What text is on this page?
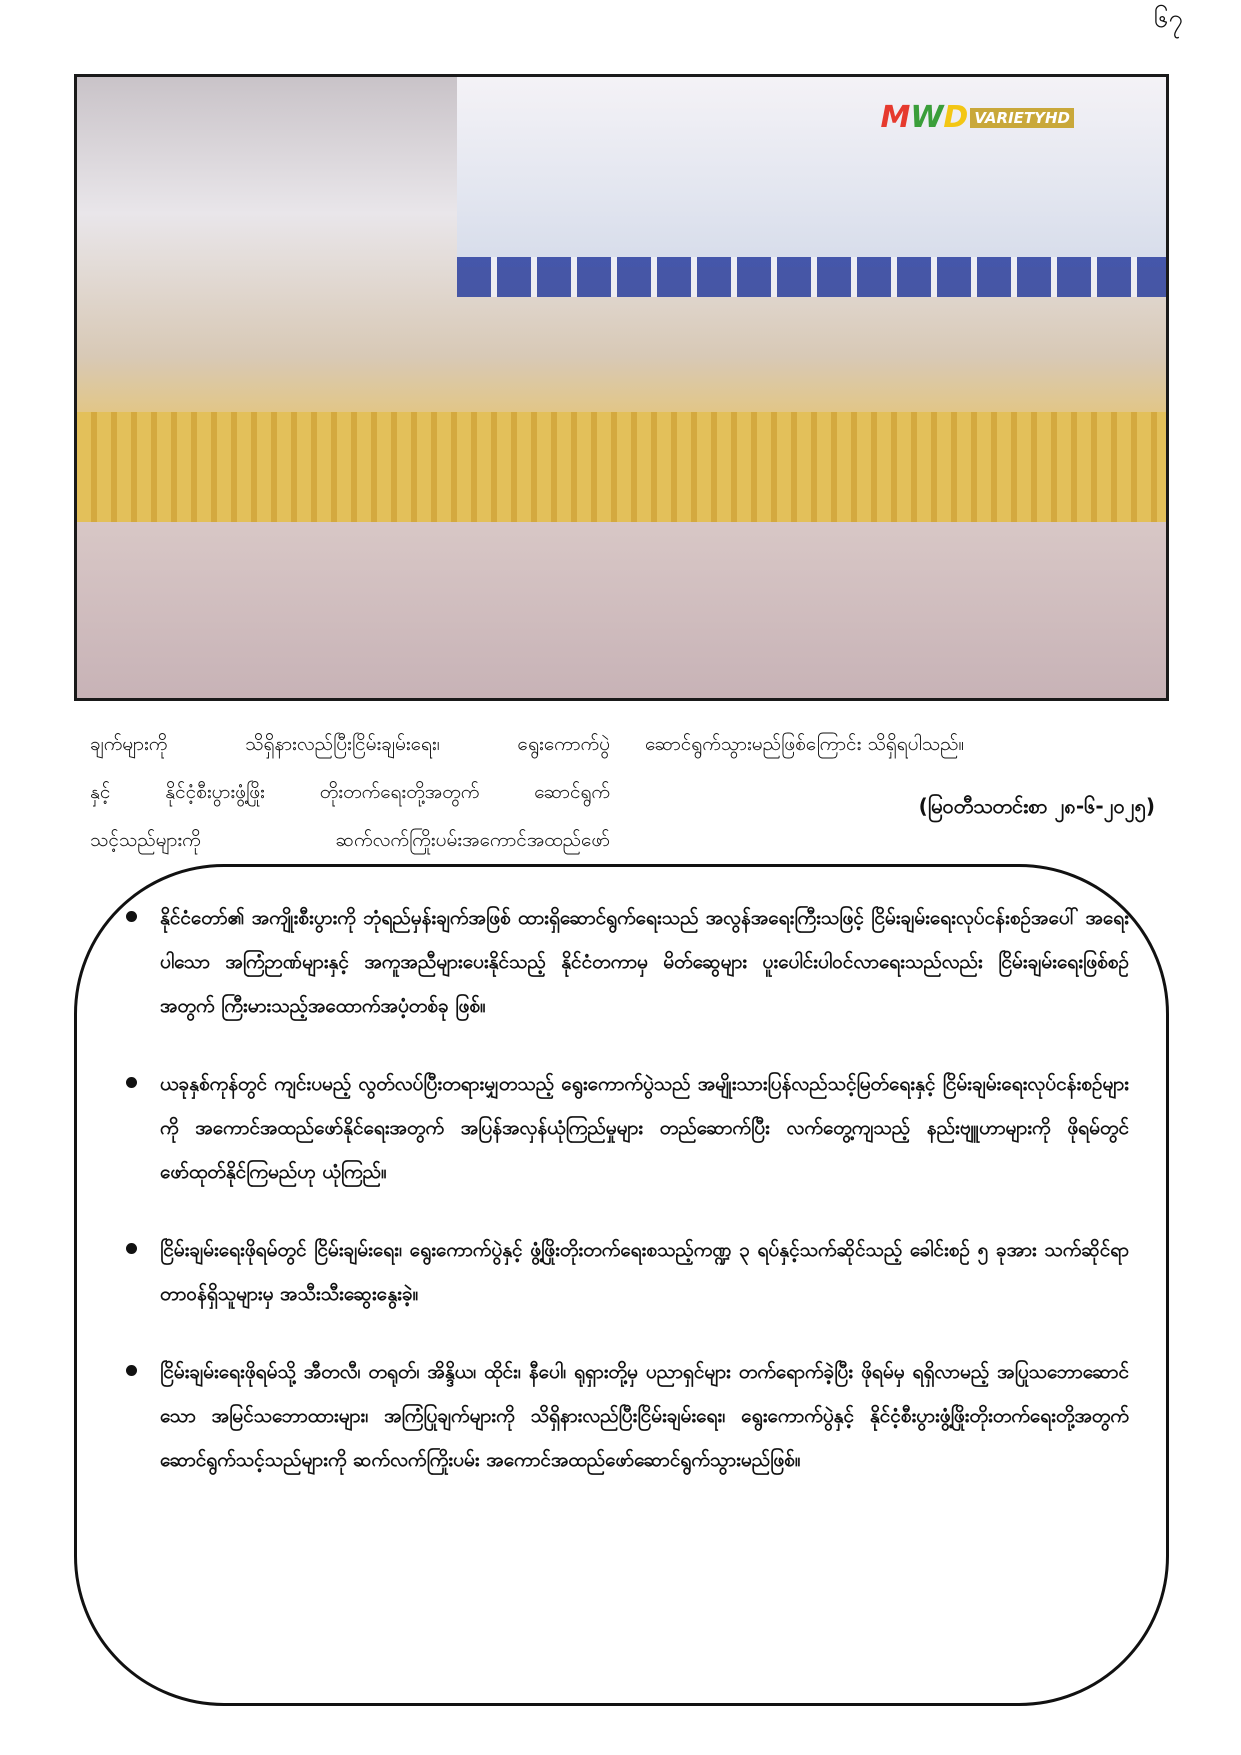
၆၇
MWD VARIETYHD

ချက်များကို သိရှိနားလည်ပြီးငြိမ်းချမ်းရေး၊ ရွေးကောက်ပွဲ

နှင့် နိုင်ငံ့စီးပွားဖွံ့ဖြိုး တိုးတက်ရေးတို့အတွက် ဆောင်ရွက်

သင့်သည်များကို ဆက်လက်ကြိုးပမ်းအကောင်အထည်ဖော်

ဆောင်ရွက်သွားမည်ဖြစ်ကြောင်း သိရှိရပါသည်။

(မြဝတီသတင်းစာ ၂၈-၆-၂၀၂၅)
နိုင်ငံတော်၏ အကျိုးစီးပွားကို ဘုံရည်မှန်းချက်အဖြစ် ထားရှိဆောင်ရွက်ရေးသည် အလွန်အရေးကြီးသဖြင့် ငြိမ်းချမ်းရေးလုပ်ငန်းစဉ်အပေါ် အရေးပါသော အကြံဉာဏ်များနှင့် အကူအညီများပေးနိုင်သည့် နိုင်ငံတကာမှ မိတ်ဆွေများ ပူးပေါင်းပါဝင်လာရေးသည်လည်း ငြိမ်းချမ်းရေးဖြစ်စဉ်အတွက် ကြီးမားသည့်အထောက်အပံ့တစ်ခု ဖြစ်။
ယခုနှစ်ကုန်တွင် ကျင်းပမည့် လွတ်လပ်ပြီးတရားမျှတသည့် ရွေးကောက်ပွဲသည် အမျိုးသားပြန်လည်သင့်မြတ်ရေးနှင့် ငြိမ်းချမ်းရေးလုပ်ငန်းစဉ်များကို အကောင်အထည်ဖော်နိုင်ရေးအတွက် အပြန်အလှန်ယုံကြည်မှုများ တည်ဆောက်ပြီး လက်တွေ့ကျသည့် နည်းဗျူဟာများကို ဖိုရမ်တွင် ဖော်ထုတ်နိုင်ကြမည်ဟု ယုံကြည်။
ငြိမ်းချမ်းရေးဖိုရမ်တွင် ငြိမ်းချမ်းရေး၊ ရွေးကောက်ပွဲနှင့် ဖွံ့ဖြိုးတိုးတက်ရေးစသည့်ကဏ္ဍ ၃ ရပ်နှင့်သက်ဆိုင်သည့် ခေါင်းစဉ် ၅ ခုအား သက်ဆိုင်ရာတာဝန်ရှိသူများမှ အသီးသီးဆွေးနွေးခဲ့။
ငြိမ်းချမ်းရေးဖိုရမ်သို့ အီတလီ၊ တရုတ်၊ အိန္ဒိယ၊ ထိုင်း၊ နီပေါ၊ ရုရှားတို့မှ ပညာရှင်များ တက်ရောက်ခဲ့ပြီး ဖိုရမ်မှ ရရှိလာမည့် အပြုသဘောဆောင်သော အမြင်သဘောထားများ၊ အကြံပြုချက်များကို သိရှိနားလည်ပြီးငြိမ်းချမ်းရေး၊ ရွေးကောက်ပွဲနှင့် နိုင်ငံ့စီးပွားဖွံ့ဖြိုးတိုးတက်ရေးတို့အတွက် ဆောင်ရွက်သင့်သည်များကို ဆက်လက်ကြိုးပမ်း အကောင်အထည်ဖော်ဆောင်ရွက်သွားမည်ဖြစ်။
